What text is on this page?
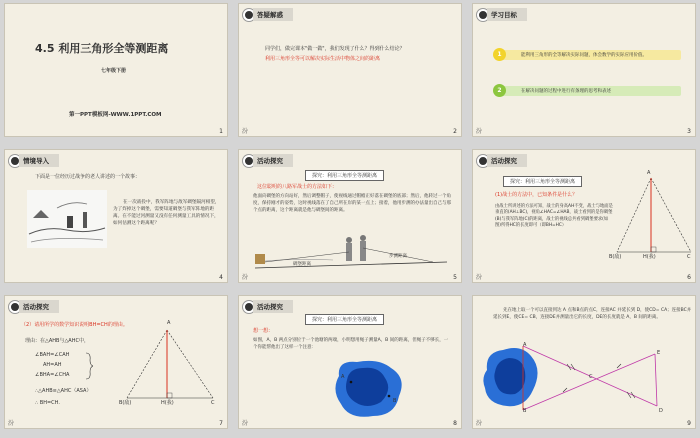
4.5 利用三角形全等测距离
七年级下册
第一PPT模板网-WWW.1PPT.COM
1
答疑解惑
同学们，做完课本"做一做"，我们发现了什么？得到什么结论？
利用三角形全等可以解决实际生活中物体之间的距离
汾	2
学习目标
能利用三角形的全等解决实际问题，体会数学的实际应用价值。
1
在解决问题的过程中进行有条理的思考和表述
2
汾	3
情境导入
下面是一位经历过战争的老人讲述的一个故事：
在一次战役中，我军阵地与敌军碉堡隔河相望，为了炸掉这个碉堡，需要知道碉堡与我军阵地的距离。在不能过河测量又没有任何测量工具的情况下，如何估测这个距离呢？
4
活动探究
探究：利用三角形全等测距离
这位聪明的八路军战士的方法如下：
他面向碉堡的方向站好，然后调整帽子，使视线通过帽檐正好落在碉堡的底部；然后，他转过一个角度，保持刚才的姿势，这时视线落在了自己所在岸的某一点上；接着，他用步测的办法量出自己与那个点的距离，这个距离就是他与碉堡间的距离。
碉堡距离
步测距离
汾	5
活动探究
探究：利用三角形全等测距离
(1)战士的方法中，已知条件是什么？
由战士所讲述的方法可知，战士的身高AH不变，战士与地面是垂直的(AH⊥BC)，视角∠HAC=∠HAB，战士看到的是你碉堡(B)与我军阵地(C)的距离，战士的视线总共看到碉堡要求(如图)所得HC的长度即可（即BH=HC）
A
B(敌)	H(我)	C
汾	6
活动探究
（2）请用所学的数学知识说明BH=CH的理由。
理由：在△AHB与△AHC中，
∠BAH=∠CAH
AH=AH
∠BHA=∠CHA
∴△AHB≌△AHC（ASA）
∴ BH=CH.
A
B(敌)	H(我)	C
汾	7
活动探究
探究：利用三角形全等测距离
想一想：
如图，A，B 两点分别位于一个池塘的两端，小明想用绳子测量A，B 间的距离，但绳子不够长，一个你能帮他出了这样一个注意：
A
B
汾	8
先在地上取一个可以直接到达 A 点和B点的点C，连接AC 并延长到 D，使CD= CA；连接BC并延长到E，使CE= CB，连接DE并测量出它的长度，DE的长度就是 A，B 间的距离。
A
B
C
D
E
汾	9
